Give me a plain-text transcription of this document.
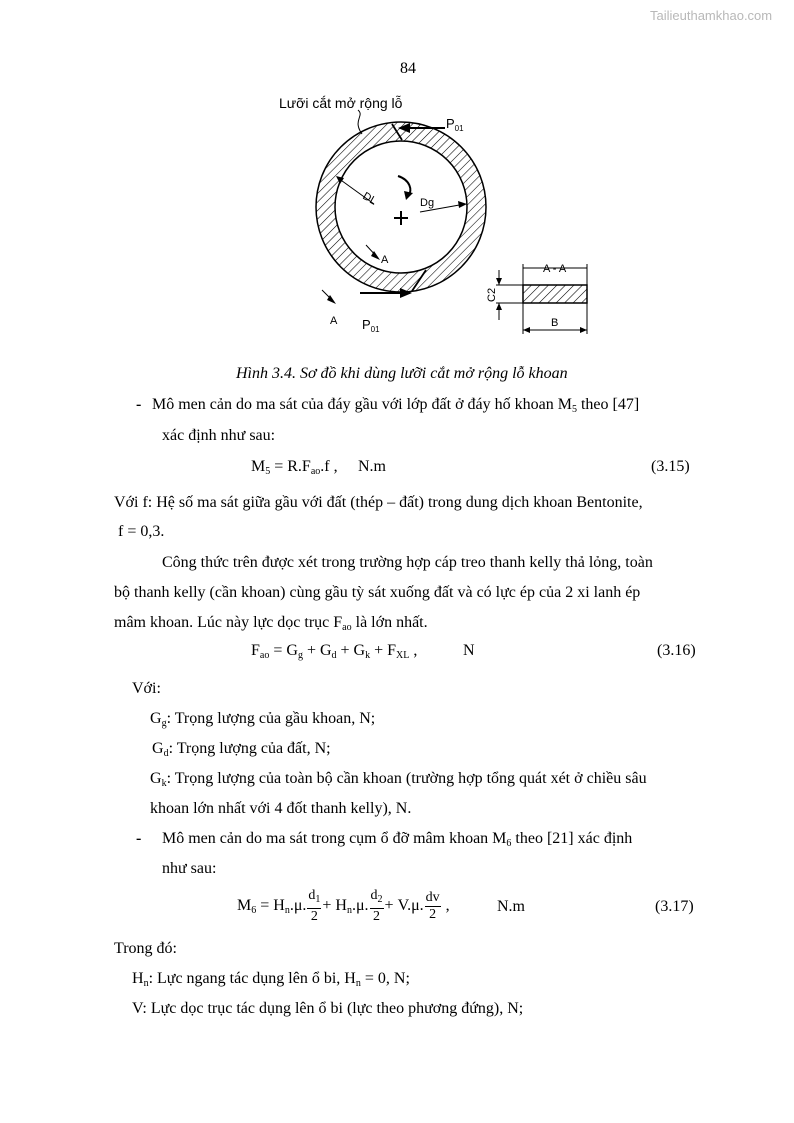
Tailieuthamkhao.com
84
Lưỡi cắt mở rộng lỗ
$P_{01}$
$P_{01}$
DL	Dg
A
A
A - A
C2
B
Hình 3.4. Sơ đồ khi dùng lưỡi cắt mở rộng lỗ khoan
- Mô men cản do ma sát của đáy gầu với lớp đất ở đáy hố khoan $M_5$ theo [47]
xác định như sau:
$M_5 = R.F_{ao}.f$ , N.m	(3.15)
Với f: Hệ số ma sát giữa gầu với đất (thép – đất) trong dung dịch khoan Bentonite,
f = 0,3.
Công thức trên được xét trong trường hợp cáp treo thanh kelly thả lỏng, toàn
bộ thanh kelly (cần khoan) cùng gầu tỳ sát xuống đất và có lực ép của 2 xi lanh ép
mâm khoan. Lúc này lực dọc trục $F_{ao}$ là lớn nhất.
$F_{ao} = G_g + G_d + G_k + F_{XL}$ ,	N	(3.16)
Với:
$G_g$: Trọng lượng của gầu khoan, N;
$G_d$: Trọng lượng của đất, N;
$G_k$: Trọng lượng của toàn bộ cần khoan (trường hợp tổng quát xét ở chiều sâu
khoan lớn nhất với 4 đốt thanh kelly), N.
- Mô men cản do ma sát trong cụm ổ đỡ mâm khoan $M_6$ theo [21] xác định
như sau:
$M_6 = H_n.\mu$. $\frac{d_1}{2} + H_n.\mu$. $\frac{d_2}{2} + V.\mu$. $\frac{dv}{2}$ ,	N.m	(3.17)
Trong đó:
$H_n$: Lực ngang tác dụng lên ổ bi, $H_n = 0$, N;
V: Lực dọc trục tác dụng lên ổ bi (lực theo phương đứng), N;
